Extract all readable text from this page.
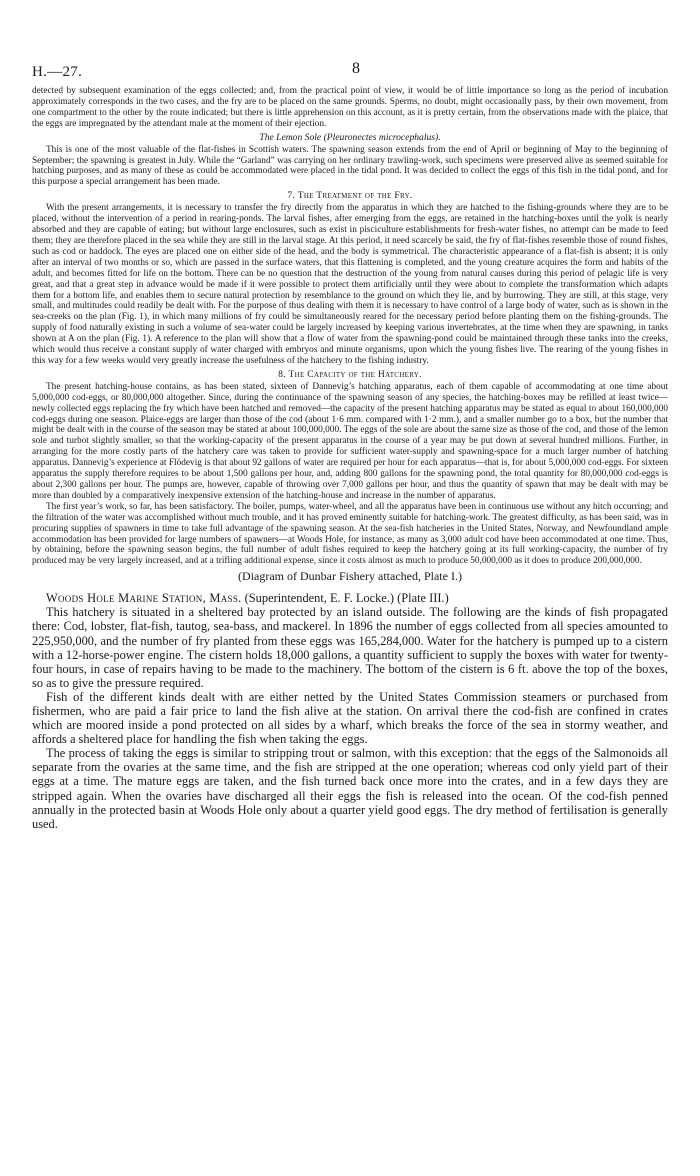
H.—27.	8

detected by subsequent examination of the eggs collected; and, from the practical point of view, it would be of little importance so long as the period of incubation approximately corresponds in the two cases, and the fry are to be placed on the same grounds. Sperms, no doubt, might occasionally pass, by their own movement, from one compartment to the other by the route indicated; but there is little apprehension on this account, as it is pretty certain, from the observations made with the plaice, that the eggs are impregnated by the attendant male at the moment of their ejection.

The Lemon Sole (Pleuronectes microcephalus).

This is one of the most valuable of the flat-fishes in Scottish waters. The spawning season extends from the end of April or beginning of May to the beginning of September; the spawning is greatest in July. While the “Garland” was carrying on her ordinary trawling-work, such specimens were preserved alive as seemed suitable for hatching purposes, and as many of these as could be accommodated were placed in the tidal pond. It was decided to collect the eggs of this fish in the tidal pond, and for this purpose a special arrangement has been made.

7. The Treatment of the Fry.

With the present arrangements, it is necessary to transfer the fry directly from the apparatus in which they are hatched to the fishing-grounds where they are to be placed, without the intervention of a period in rearing-ponds. The larval fishes, after emerging from the eggs, are retained in the hatching-boxes until the yolk is nearly absorbed and they are capable of eating; but without large enclosures, such as exist in pisciculture establishments for fresh-water fishes, no attempt can be made to feed them; they are therefore placed in the sea while they are still in the larval stage. At this period, it need scarcely be said, the fry of flat-fishes resemble those of round fishes, such as cod or haddock. The eyes are placed one on either side of the head, and the body is symmetrical. The characteristic appearance of a flat-fish is absent; it is only after an interval of two months or so, which are passed in the surface waters, that this flattening is completed, and the young creature acquires the form and habits of the adult, and becomes fitted for life on the bottom. There can be no question that the destruction of the young from natural causes during this period of pelagic life is very great, and that a great step in advance would be made if it were possible to protect them artificially until they were about to complete the transformation which adapts them for a bottom life, and enables them to secure natural protection by resemblance to the ground on which they lie, and by burrowing. They are still, at this stage, very small, and multitudes could readily be dealt with. For the purpose of thus dealing with them it is necessary to have control of a large body of water, such as is shown in the sea-creeks on the plan (Fig. 1), in which many millions of fry could be simultaneously reared for the necessary period before planting them on the fishing-grounds. The supply of food naturally existing in such a volume of sea-water could be largely increased by keeping various invertebrates, at the time when they are spawning, in tanks shown at A on the plan (Fig. 1). A reference to the plan will show that a flow of water from the spawning-pond could be maintained through these tanks into the creeks, which would thus receive a constant supply of water charged with embryos and minute organisms, upon which the young fishes live. The rearing of the young fishes in this way for a few weeks would very greatly increase the usefulness of the hatchery to the fishing industry.

8. The Capacity of the Hatchery.

The present hatching-house contains, as has been stated, sixteen of Dannevig’s hatching apparatus, each of them capable of accommodating at one time about 5,000,000 cod-eggs, or 80,000,000 altogether. Since, during the continuance of the spawning season of any species, the hatching-boxes may be refilled at least twice—newly collected eggs replacing the fry which have been hatched and removed—the capacity of the present hatching apparatus may be stated as equal to about 160,000,000 cod-eggs during one season. Plaice-eggs are larger than those of the cod (about 1·6 mm. compared with 1·2 mm.), and a smaller number go to a box, but the number that might be dealt with in the course of the season may be stated at about 100,000,000. The eggs of the sole are about the same size as those of the cod, and those of the lemon sole and turbot slightly smaller, so that the working-capacity of the present apparatus in the course of a year may be put down at several hundred millions. Further, in arranging for the more costly parts of the hatchery care was taken to provide for sufficient water-supply and spawning-space for a much larger number of hatching apparatus. Dannevig’s experience at Flödevig is that about 92 gallons of water are required per hour for each apparatus—that is, for about 5,000,000 cod-eggs. For sixteen apparatus the supply therefore requires to be about 1,500 gallons per hour, and, adding 800 gallons for the spawning pond, the total quantity for 80,000,000 cod-eggs is about 2,300 gallons per hour. The pumps are, however, capable of throwing over 7,000 gallons per hour, and thus the quantity of spawn that may be dealt with may be more than doubled by a comparatively inexpensive extension of the hatching-house and increase in the number of apparatus.

The first year’s work, so far, has been satisfactory. The boiler, pumps, water-wheel, and all the apparatus have been in continuous use without any hitch occurring; and the filtration of the water was accomplished without much trouble, and it has proved eminently suitable for hatching-work. The greatest difficulty, as has been said, was in procuring supplies of spawners in time to take full advantage of the spawning season. At the sea-fish hatcheries in the United States, Norway, and Newfoundland ample accommodation has been provided for large numbers of spawners—at Woods Hole, for instance, as many as 3,000 adult cod have been accommodated at one time. Thus, by obtaining, before the spawning season begins, the full number of adult fishes required to keep the hatchery going at its full working-capacity, the number of fry produced may be very largely increased, and at a trifling additional expense, since it costs almost as much to produce 50,000,000 as it does to produce 200,000,000.

(Diagram of Dunbar Fishery attached, Plate I.)

Woods Hole Marine Station, Mass. (Superintendent, E. F. Locke.) (Plate III.)

This hatchery is situated in a sheltered bay protected by an island outside. The following are the kinds of fish propagated there: Cod, lobster, flat-fish, tautog, sea-bass, and mackerel. In 1896 the number of eggs collected from all species amounted to 225,950,000, and the number of fry planted from these eggs was 165,284,000. Water for the hatchery is pumped up to a cistern with a 12-horse-power engine. The cistern holds 18,000 gallons, a quantity sufficient to supply the boxes with water for twenty-four hours, in case of repairs having to be made to the machinery. The bottom of the cistern is 6 ft. above the top of the boxes, so as to give the pressure required.

Fish of the different kinds dealt with are either netted by the United States Commission steamers or purchased from fishermen, who are paid a fair price to land the fish alive at the station. On arrival there the cod-fish are confined in crates which are moored inside a pond protected on all sides by a wharf, which breaks the force of the sea in stormy weather, and affords a sheltered place for handling the fish when taking the eggs.

The process of taking the eggs is similar to stripping trout or salmon, with this exception: that the eggs of the Salmonoids all separate from the ovaries at the same time, and the fish are stripped at the one operation; whereas cod only yield part of their eggs at a time. The mature eggs are taken, and the fish turned back once more into the crates, and in a few days they are stripped again. When the ovaries have discharged all their eggs the fish is released into the ocean. Of the cod-fish penned annually in the protected basin at Woods Hole only about a quarter yield good eggs. The dry method of fertilisation is generally used.
